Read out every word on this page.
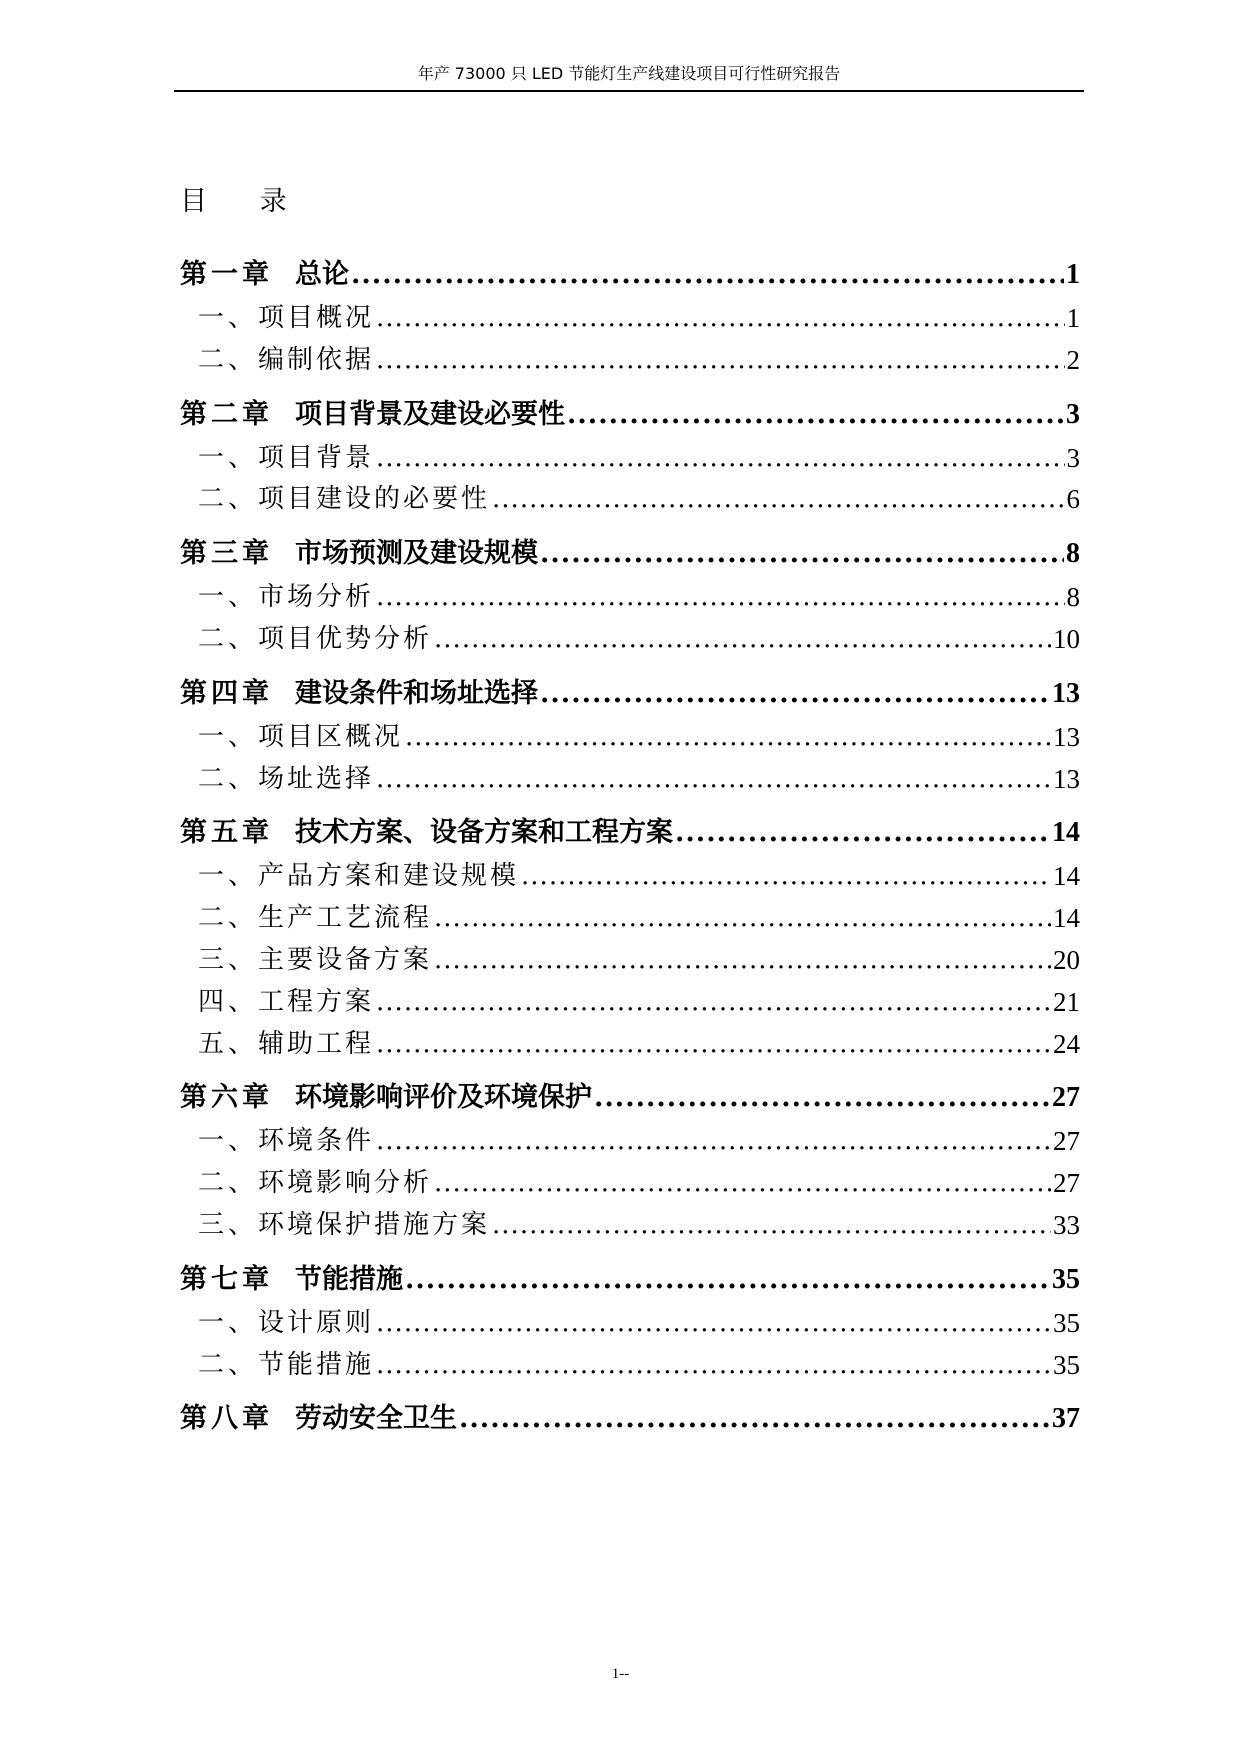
年产 73000 只 LED 节能灯生产线建设项目可行性研究报告
目 录
第一章 总论 .....	1
一、 项目概况 .....	1
二、 编制依据 .....	2
第二章 项目背景及建设必要性 .....	3
一、 项目背景 .....	3
二、 项目建设的必要性 .....	6
第三章 市场预测及建设规模 .....	8
一、 市场分析 .....	8
二、 项目优势分析 .....	10
第四章 建设条件和场址选择 .....	13
一、 项目区概况 .....	13
二、 场址选择 .....	13
第五章 技术方案、设备方案和工程方案 .....	14
一、 产品方案和建设规模 .....	14
二、 生产工艺流程 .....	14
三、 主要设备方案 .....	20
四、 工程方案 .....	21
五、 辅助工程 .....	24
第六章 环境影响评价及环境保护 .....	27
一、 环境条件 .....	27
二、 环境影响分析 .....	27
三、 环境保护措施方案 .....	33
第七章 节能措施 .....	35
一、 设计原则 .....	35
二、 节能措施 .....	35
第八章 劳动安全卫生 .....	37
1--
